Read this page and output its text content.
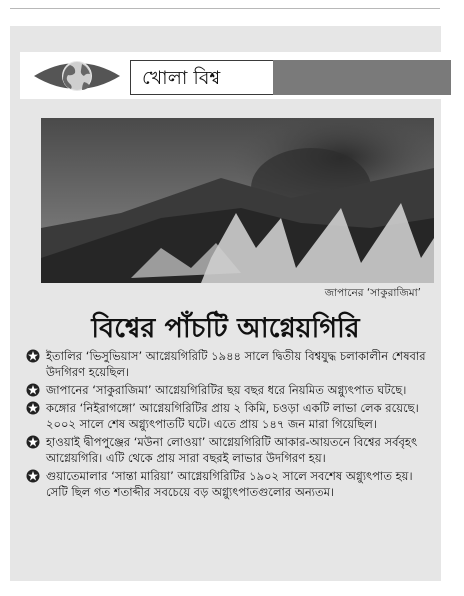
খোলা বিশ্ব
জাপানের ‘সাকুরাজিমা’
বিশ্বের পাঁচটি আগ্নেয়গিরি
ইতালির ‘ভিসুভিয়াস’ আগ্নেয়গিরিটি ১৯৪৪ সালে দ্বিতীয় বিশ্বযুদ্ধ চলাকালীন শেষবার উদগিরণ হয়েছিল।
জাপানের ‘সাকুরাজিমা’ আগ্নেয়গিরিটির ছয় বছর ধরে নিয়মিত অগ্ন্যুৎপাত ঘটছে।
কঙ্গোর ‘নিইরাগঙ্গো’ আগ্নেয়গিরিটির প্রায় ২ কিমি, চওড়া একটি লাভা লেক রয়েছে। ২০০২ সালে শেষ অগ্ন্যুৎপাতটি ঘটে। এতে প্রায় ১৪৭ জন মারা গিয়েছিল।
হাওয়াই দ্বীপপুঞ্জের ‘মউনা লোওয়া’ আগ্নেয়গিরিটি আকার-আয়তনে বিশ্বের সর্ববৃহৎ আগ্নেয়গিরি। এটি থেকে প্রায় সারা বছরই লাভার উদগিরণ হয়।
গুয়াতেমালার ‘সান্তা মারিয়া’ আগ্নেয়গিরিটির ১৯০২ সালে সবশেষ অগ্ন্যুৎপাত হয়। সেটি ছিল গত শতাব্দীর সবচেয়ে বড় অগ্ন্যুৎপাতগুলোর অন্যতম।
